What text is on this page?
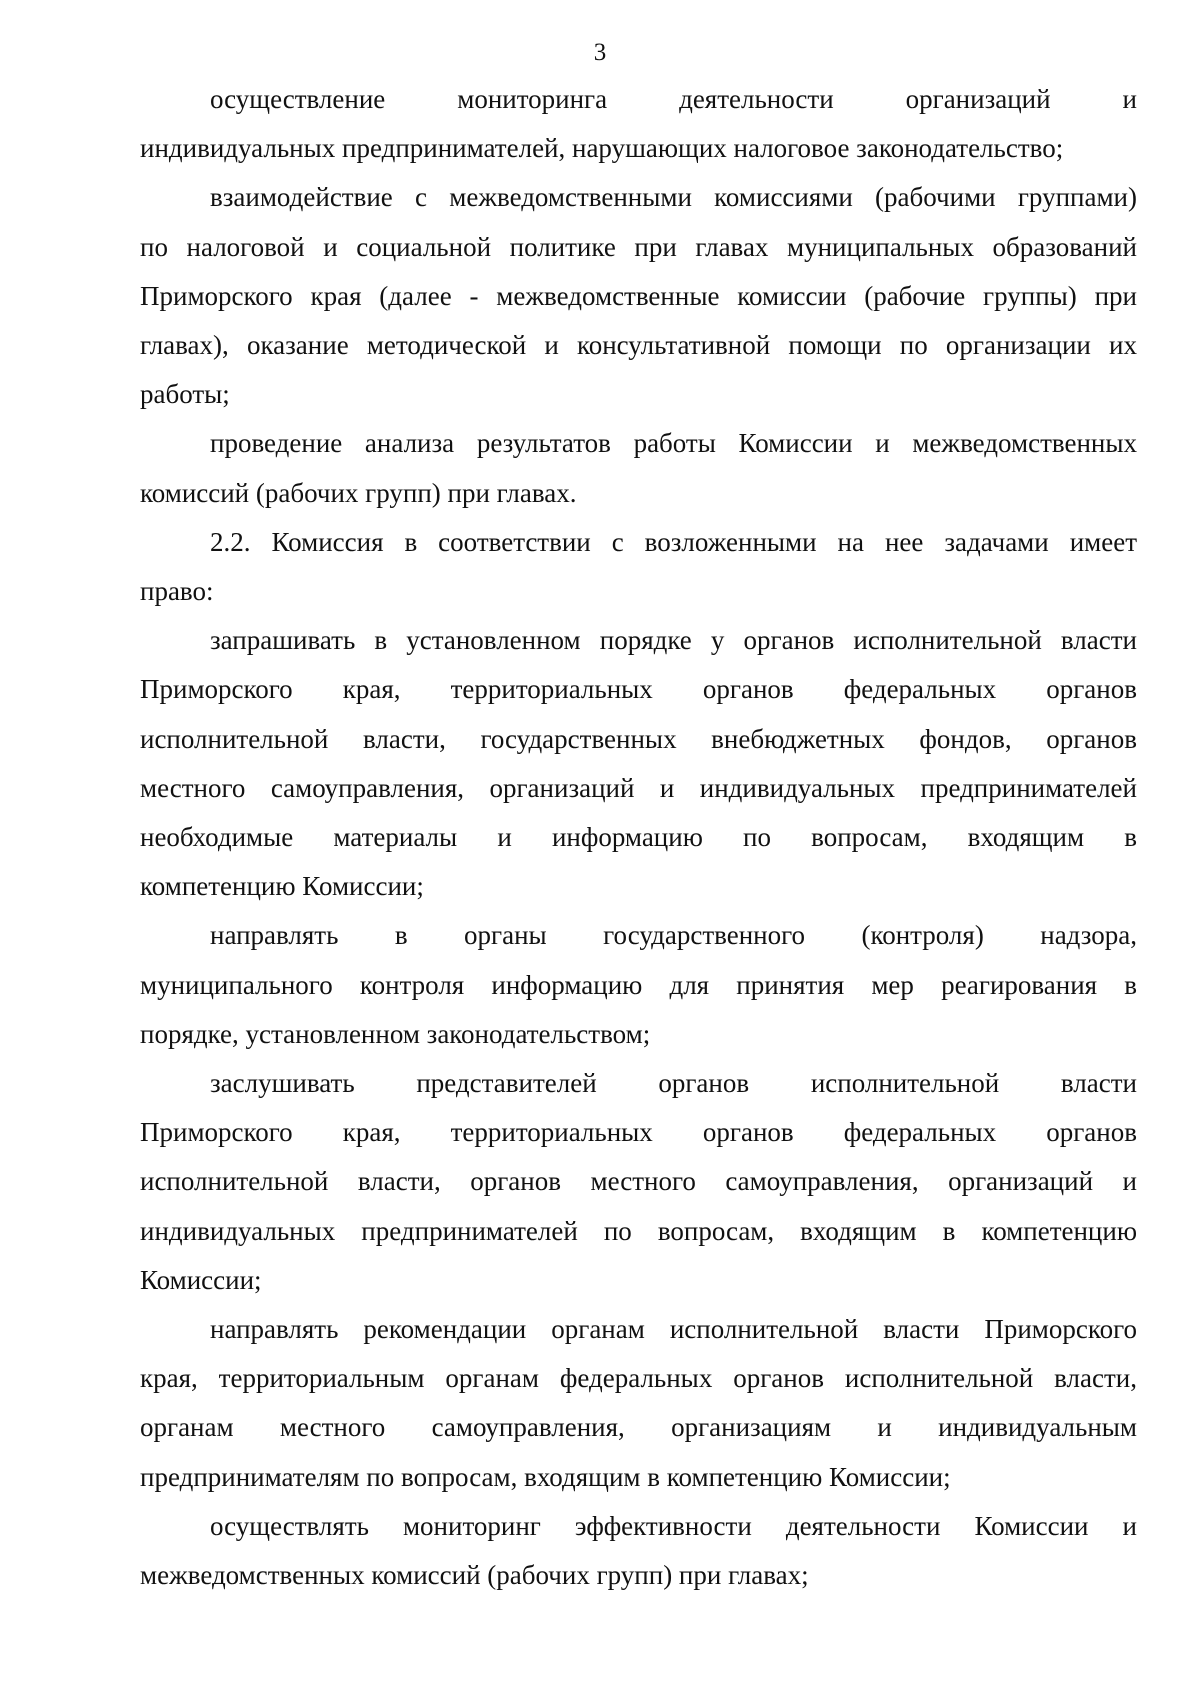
3
осуществление мониторинга деятельности организаций и
индивидуальных предпринимателей, нарушающих налоговое законодательство;
взаимодействие с межведомственными комиссиями (рабочими группами)
по налоговой и социальной политике при главах муниципальных образований
Приморского края (далее - межведомственные комиссии (рабочие группы) при
главах), оказание методической и консультативной помощи по организации их
работы;
проведение анализа результатов работы Комиссии и межведомственных
комиссий (рабочих групп) при главах.
2.2. Комиссия в соответствии с возложенными на нее задачами имеет
право:
запрашивать в установленном порядке у органов исполнительной власти
Приморского края, территориальных органов федеральных органов
исполнительной власти, государственных внебюджетных фондов, органов
местного самоуправления, организаций и индивидуальных предпринимателей
необходимые материалы и информацию по вопросам, входящим в
компетенцию Комиссии;
направлять в органы государственного (контроля) надзора,
муниципального контроля информацию для принятия мер реагирования в
порядке, установленном законодательством;
заслушивать представителей органов исполнительной власти
Приморского края, территориальных органов федеральных органов
исполнительной власти, органов местного самоуправления, организаций и
индивидуальных предпринимателей по вопросам, входящим в компетенцию
Комиссии;
направлять рекомендации органам исполнительной власти Приморского
края, территориальным органам федеральных органов исполнительной власти,
органам местного самоуправления, организациям и индивидуальным
предпринимателям по вопросам, входящим в компетенцию Комиссии;
осуществлять мониторинг эффективности деятельности Комиссии и
межведомственных комиссий (рабочих групп) при главах;
